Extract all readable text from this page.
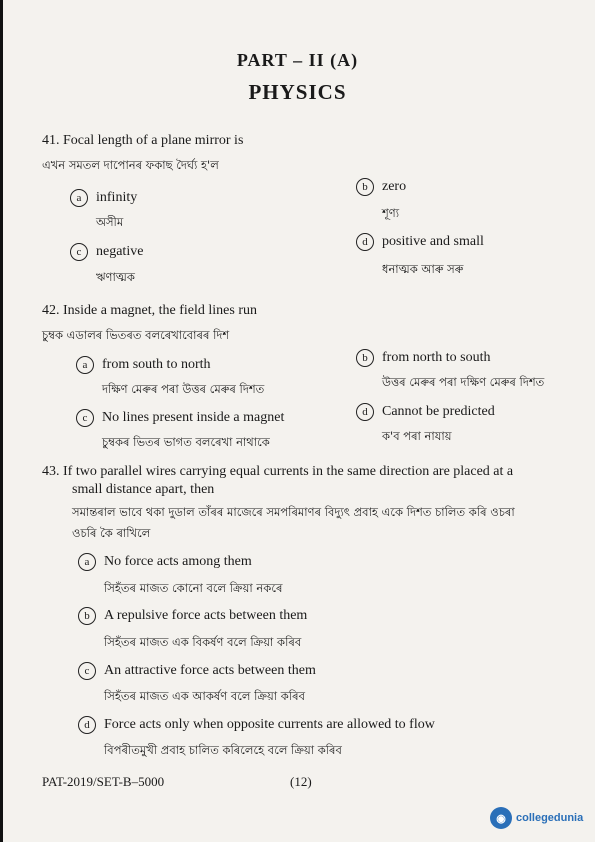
PART – II (A)
PHYSICS
41. Focal length of a plane mirror is
এখন সমতল দাপোনৰ ফকাছ দৈৰ্ঘ্য হ'ল
a	infinity
অসীম
b	zero
শূণ্য
c	negative
ঋণাত্মক
d	positive and small
ধনাত্মক আৰু সৰু
42. Inside a magnet, the field lines run
চুম্বক এডালৰ ভিতৰত বলৰেখাবোৰৰ দিশ
a	from south to north
দক্ষিণ মেৰুৰ পৰা উত্তৰ মেৰুৰ দিশত
b	from north to south
উত্তৰ মেৰুৰ পৰা দক্ষিণ মেৰুৰ দিশত
c	No lines present inside a magnet
চুম্বকৰ ভিতৰ ভাগত বলৰেখা নাথাকে
d	Cannot be predicted
ক'ব পৰা নাযায়
43. If two parallel wires carrying equal currents in the same direction are placed at a
small distance apart, then
সমান্তৰাল ভাবে থকা দুডাল তাঁৰৰ মাজেৰে সমপৰিমাণৰ বিদ্যুৎ প্ৰবাহ একে দিশত চালিত কৰি ওচৰা
ওচৰি কৈ ৰাখিলে
a	No force acts among them
সিহঁতৰ মাজত কোনো বলে ক্ৰিয়া নকৰে
b	A repulsive force acts between them
সিহঁতৰ মাজত এক বিকৰ্ষণ বলে ক্ৰিয়া কৰিব
c	An attractive force acts between them
সিহঁতৰ মাজত এক আকৰ্ষণ বলে ক্ৰিয়া কৰিব
d	Force acts only when opposite currents are allowed to flow
বিপৰীতমুখী প্ৰবাহ চালিত কৰিলেহে বলে ক্ৰিয়া কৰিব
PAT-2019/SET-B–5000	(12)
◉ collegedunia
